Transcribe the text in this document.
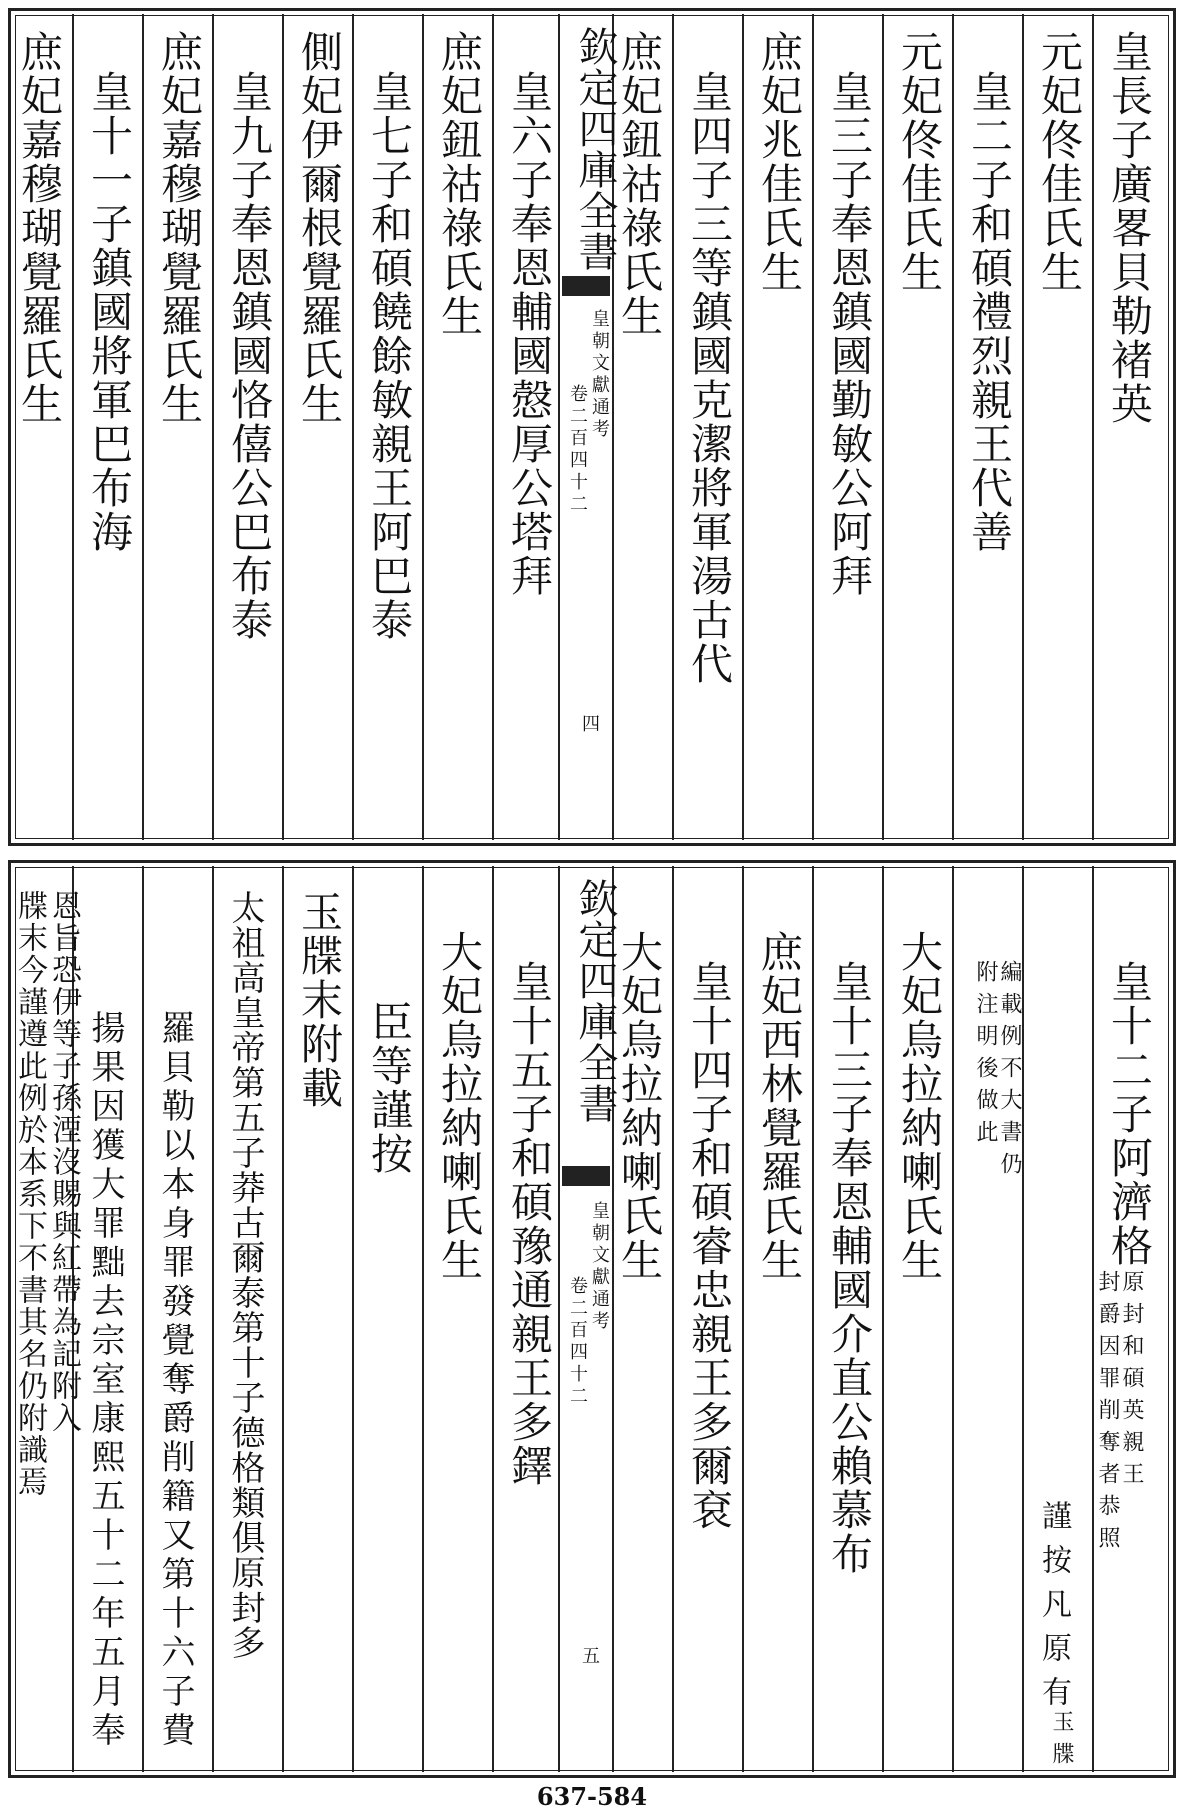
皇長子廣畧貝勒褚英
元妃佟佳氏生
皇二子和碩禮烈親王代善
元妃佟佳氏生
皇三子奉恩鎮國勤敏公阿拜
庶妃兆佳氏生
皇四子三等鎮國克潔將軍湯古代
庶妃鈕祜祿氏生
欽定四庫全書
皇朝文獻通考
卷二百四十二
四
皇六子奉恩輔國慤厚公塔拜
庶妃鈕祜祿氏生
皇七子和碩饒餘敏親王阿巴泰
側妃伊爾根覺羅氏生
皇九子奉恩鎮國恪僖公巴布泰
庶妃嘉穆瑚覺羅氏生
皇十一子鎮國將軍巴布海
庶妃嘉穆瑚覺羅氏生
皇十二子阿濟格
原封和碩英親王
封爵因罪削奪者恭照
謹按凡原有
玉牒
編載例不大書仍
附注明後做此
大妃烏拉納喇氏生
皇十三子奉恩輔國介直公賴慕布
庶妃西林覺羅氏生
皇十四子和碩睿忠親王多爾袞
大妃烏拉納喇氏生
欽定四庫全書
皇朝文獻通考
卷二百四十二
五
皇十五子和碩豫通親王多鐸
大妃烏拉納喇氏生
臣等謹按
玉牒末附載
太祖高皇帝第五子莽古爾泰第十子德格類俱原封多
羅貝勒以本身罪發覺奪爵削籍又第十六子費
揚果因獲大罪黜去宗室康熙五十二年五月奉
恩旨恐伊等子孫湮沒賜與紅帶為記附入
牒末今謹遵此例於本系下不書其名仍附識焉
637-584
